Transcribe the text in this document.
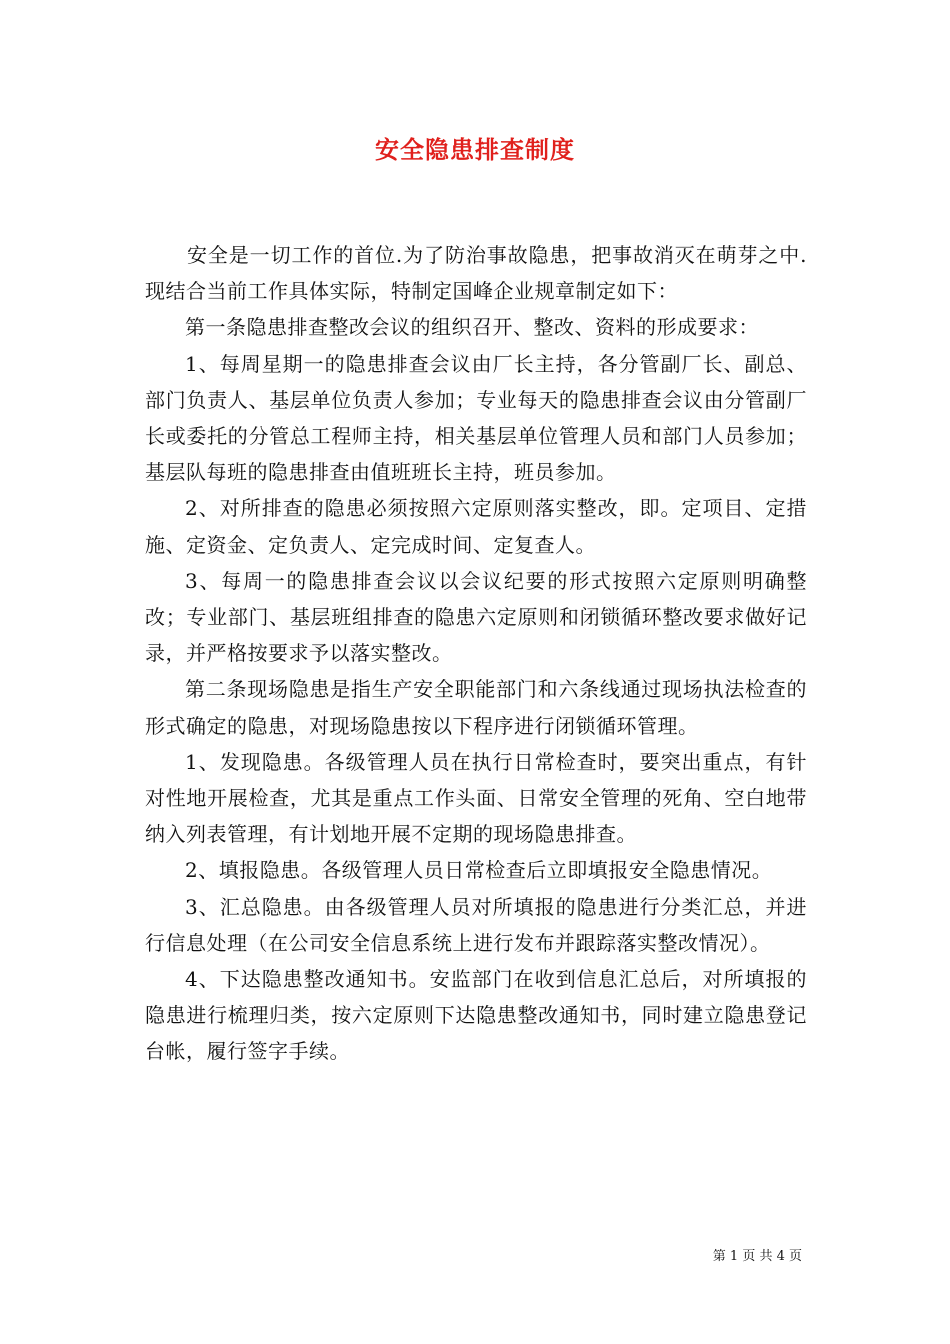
安全隐患排查制度

安全是一切工作的首位.为了防治事故隐患，把事故消灭在萌芽之中.现结合当前工作具体实际，特制定国峰企业规章制定如下：

第一条隐患排查整改会议的组织召开、整改、资料的形成要求：

1、每周星期一的隐患排查会议由厂长主持，各分管副厂长、副总、部门负责人、基层单位负责人参加；专业每天的隐患排查会议由分管副厂长或委托的分管总工程师主持，相关基层单位管理人员和部门人员参加；基层队每班的隐患排查由值班班长主持，班员参加。

2、对所排查的隐患必须按照六定原则落实整改，即。定项目、定措施、定资金、定负责人、定完成时间、定复查人。

3、每周一的隐患排查会议以会议纪要的形式按照六定原则明确整改；专业部门、基层班组排查的隐患六定原则和闭锁循环整改要求做好记录，并严格按要求予以落实整改。

第二条现场隐患是指生产安全职能部门和六条线通过现场执法检查的形式确定的隐患，对现场隐患按以下程序进行闭锁循环管理。

1、发现隐患。各级管理人员在执行日常检查时，要突出重点，有针对性地开展检查，尤其是重点工作头面、日常安全管理的死角、空白地带纳入列表管理，有计划地开展不定期的现场隐患排查。

2、填报隐患。各级管理人员日常检查后立即填报安全隐患情况。

3、汇总隐患。由各级管理人员对所填报的隐患进行分类汇总，并进行信息处理（在公司安全信息系统上进行发布并跟踪落实整改情况）。

4、下达隐患整改通知书。安监部门在收到信息汇总后，对所填报的隐患进行梳理归类，按六定原则下达隐患整改通知书，同时建立隐患登记台帐，履行签字手续。

第 1 页 共 4 页
